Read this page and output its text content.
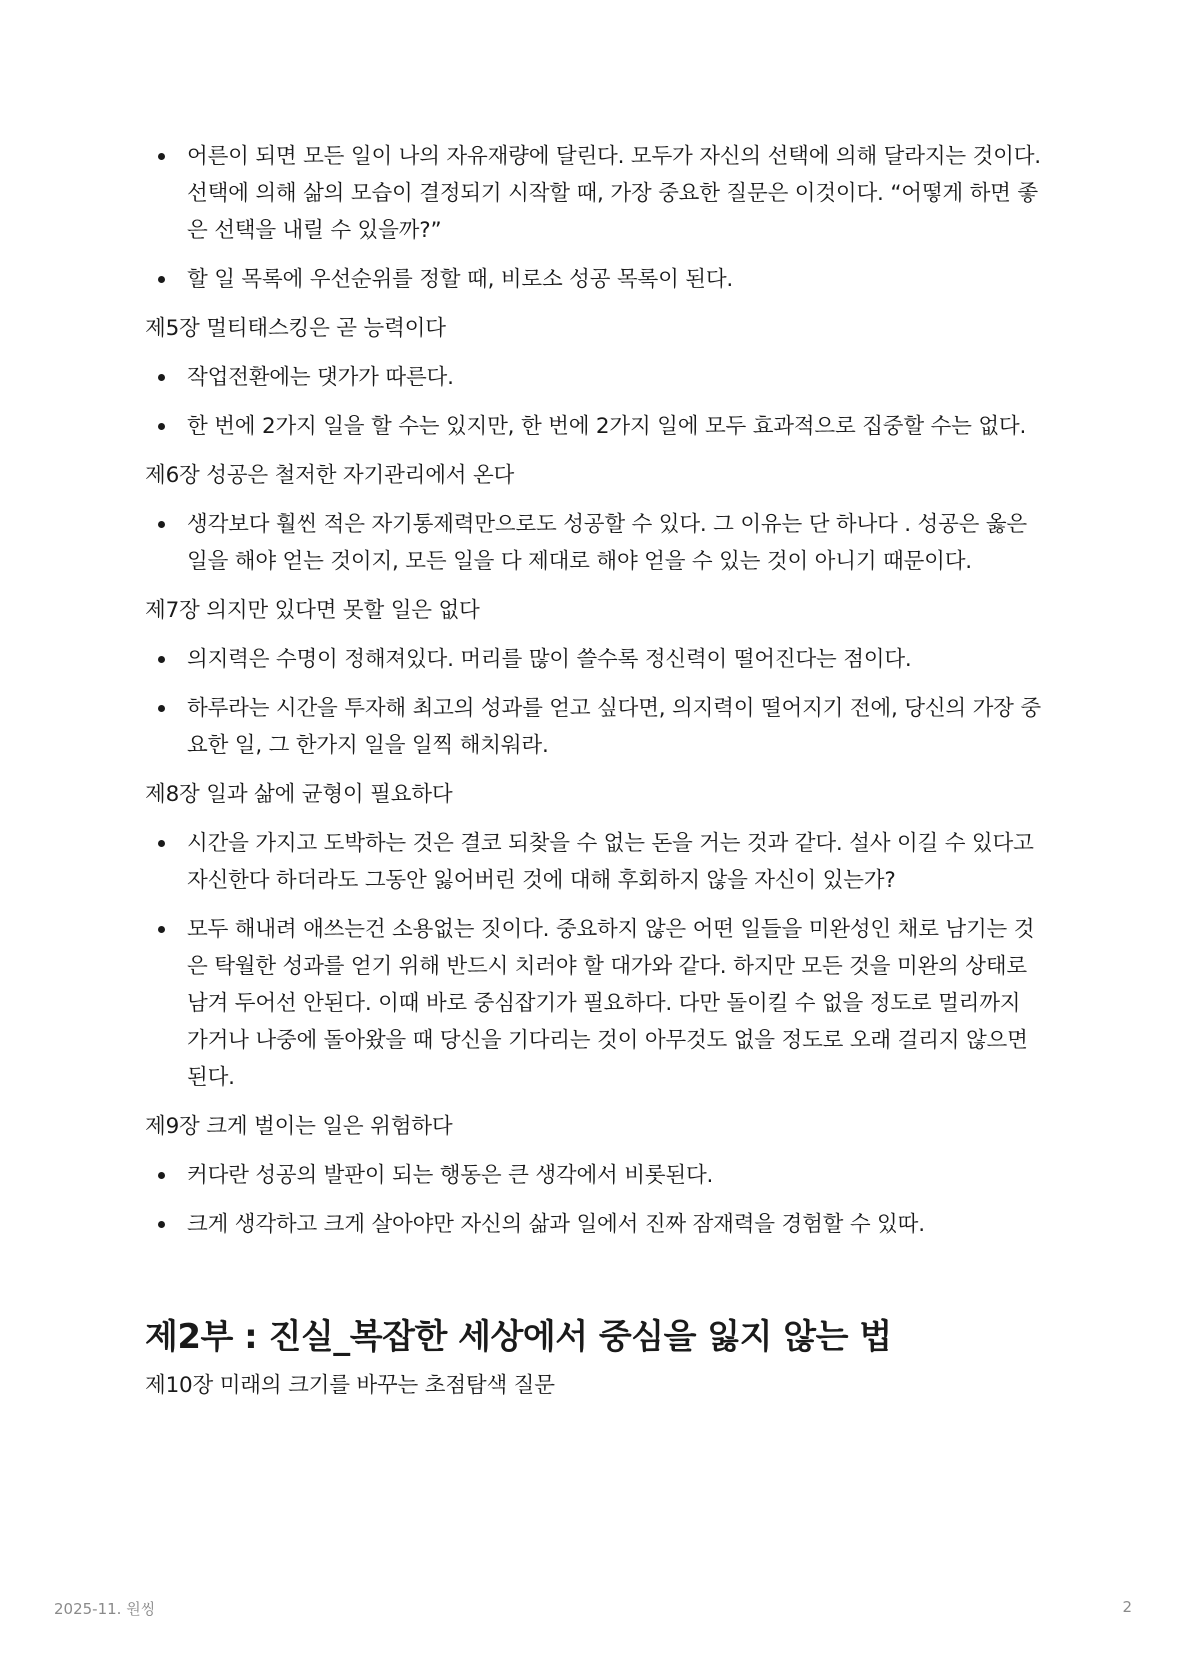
어른이 되면 모든 일이 나의 자유재량에 달린다. 모두가 자신의 선택에 의해 달라지는 것이다. 선택에 의해 삶의 모습이 결정되기 시작할 때, 가장 중요한 질문은 이것이다. “어떻게 하면 좋은 선택을 내릴 수 있을까?”
할 일 목록에 우선순위를 정할 때, 비로소 성공 목록이 된다.

제5장 멀티태스킹은 곧 능력이다

작업전환에는 댓가가 따른다.
한 번에 2가지 일을 할 수는 있지만, 한 번에 2가지 일에 모두 효과적으로 집중할 수는 없다.

제6장 성공은 철저한 자기관리에서 온다

생각보다 훨씬 적은 자기통제력만으로도 성공할 수 있다. 그 이유는 단 하나다 . 성공은 옳은 일을 해야 얻는 것이지, 모든 일을 다 제대로 해야 얻을 수 있는 것이 아니기 때문이다.

제7장 의지만 있다면 못할 일은 없다

의지력은 수명이 정해져있다. 머리를 많이 쓸수록 정신력이 떨어진다는 점이다.
하루라는 시간을 투자해 최고의 성과를 얻고 싶다면, 의지력이 떨어지기 전에, 당신의 가장 중요한 일, 그 한가지 일을 일찍 해치워라.

제8장 일과 삶에 균형이 필요하다

시간을 가지고 도박하는 것은 결코 되찾을 수 없는 돈을 거는 것과 같다. 설사 이길 수 있다고 자신한다 하더라도 그동안 잃어버린 것에 대해 후회하지 않을 자신이 있는가?
모두 해내려 애쓰는건 소용없는 짓이다. 중요하지 않은 어떤 일들을 미완성인 채로 남기는 것은 탁월한 성과를 얻기 위해 반드시 치러야 할 대가와 같다. 하지만 모든 것을 미완의 상태로 남겨 두어선 안된다. 이때 바로 중심잡기가 필요하다. 다만 돌이킬 수 없을 정도로 멀리까지 가거나 나중에 돌아왔을 때 당신을 기다리는 것이 아무것도 없을 정도로 오래 걸리지 않으면 된다.

제9장 크게 벌이는 일은 위험하다

커다란 성공의 발판이 되는 행동은 큰 생각에서 비롯된다.
크게 생각하고 크게 살아야만 자신의 삶과 일에서 진짜 잠재력을 경험할 수 있따.
제2부 : 진실_복잡한 세상에서 중심을 잃지 않는 법

제10장 미래의 크기를 바꾸는 초점탐색 질문

2025-11. 원씽	2
